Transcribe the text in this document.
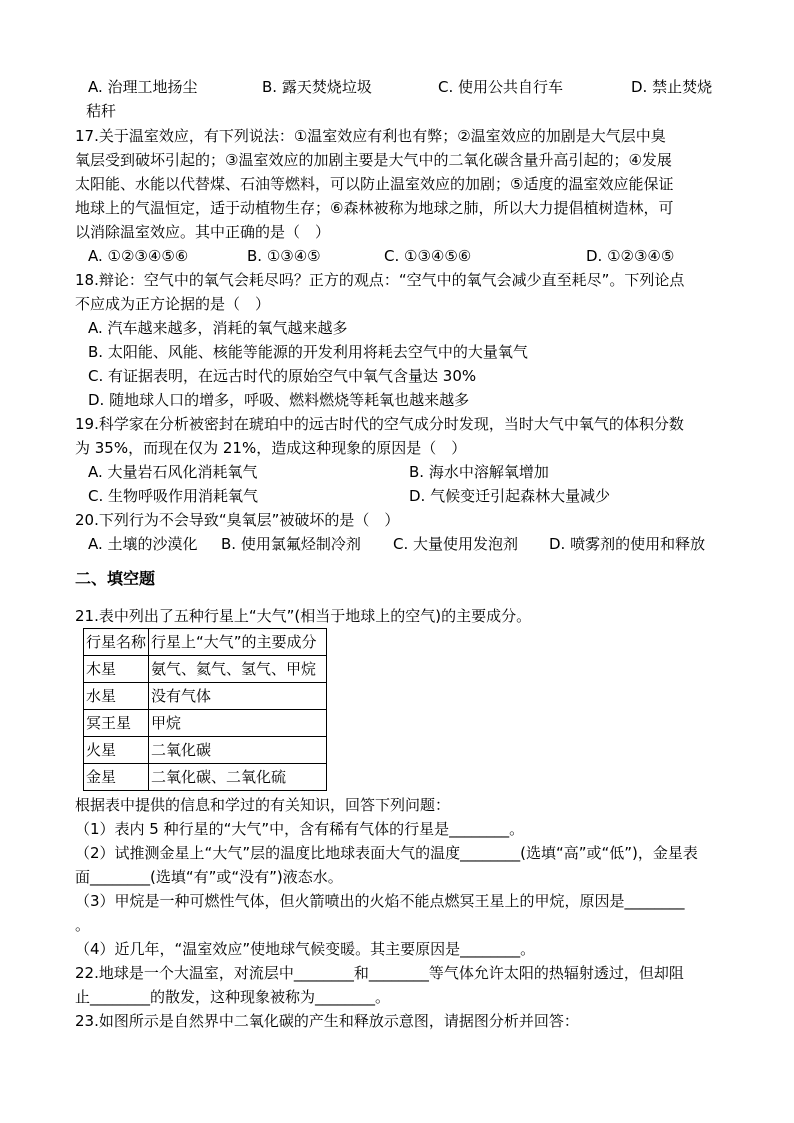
A. 治理工地扬尘	B. 露天焚烧垃圾	C. 使用公共自行车	D. 禁止焚烧
秸秆
17.关于温室效应，有下列说法：①温室效应有利也有弊；②温室效应的加剧是大气层中臭
氧层受到破坏引起的；③温室效应的加剧主要是大气中的二氧化碳含量升高引起的；④发展
太阳能、水能以代替煤、石油等燃料，可以防止温室效应的加剧；⑤适度的温室效应能保证
地球上的气温恒定，适于动植物生存；⑥森林被称为地球之肺，所以大力提倡植树造林，可
以消除温室效应。其中正确的是（　）
A. ①②③④⑤⑥	B. ①③④⑤	C. ①③④⑤⑥	D. ①②③④⑤
18.辩论：空气中的氧气会耗尽吗？正方的观点：“空气中的氧气会减少直至耗尽”。下列论点
不应成为正方论据的是（　）
A. 汽车越来越多，消耗的氧气越来越多
B. 太阳能、风能、核能等能源的开发利用将耗去空气中的大量氧气
C. 有证据表明，在远古时代的原始空气中氧气含量达 30%
D. 随地球人口的增多，呼吸、燃料燃烧等耗氧也越来越多
19.科学家在分析被密封在琥珀中的远古时代的空气成分时发现，当时大气中氧气的体积分数
为 35%，而现在仅为 21%，造成这种现象的原因是（　）
A. 大量岩石风化消耗氧气	B. 海水中溶解氧增加
C. 生物呼吸作用消耗氧气	D. 气候变迁引起森林大量减少
20.下列行为不会导致“臭氧层”被破坏的是（　）
A. 土壤的沙漠化 B. 使用氯氟烃制冷剂 C. 大量使用发泡剂 D. 喷雾剂的使用和释放
二、填空题
21.表中列出了五种行星上“大气”(相当于地球上的空气)的主要成分。
行星名称	行星上“大气”的主要成分
木星	氨气、氦气、氢气、甲烷
水星	没有气体
冥王星	甲烷
火星	二氧化碳
金星	二氧化碳、二氧化硫
根据表中提供的信息和学过的有关知识，回答下列问题：
（1）表内 5 种行星的“大气”中，含有稀有气体的行星是________。
（2）试推测金星上“大气”层的温度比地球表面大气的温度________(选填“高”或“低”)，金星表
面________(选填“有”或“没有”)液态水。
（3）甲烷是一种可燃性气体，但火箭喷出的火焰不能点燃冥王星上的甲烷，原因是________
。
（4）近几年，“温室效应”使地球气候变暖。其主要原因是________。
22.地球是一个大温室，对流层中________和________等气体允许太阳的热辐射透过，但却阻
止________的散发，这种现象被称为________。
23.如图所示是自然界中二氧化碳的产生和释放示意图，请据图分析并回答：
